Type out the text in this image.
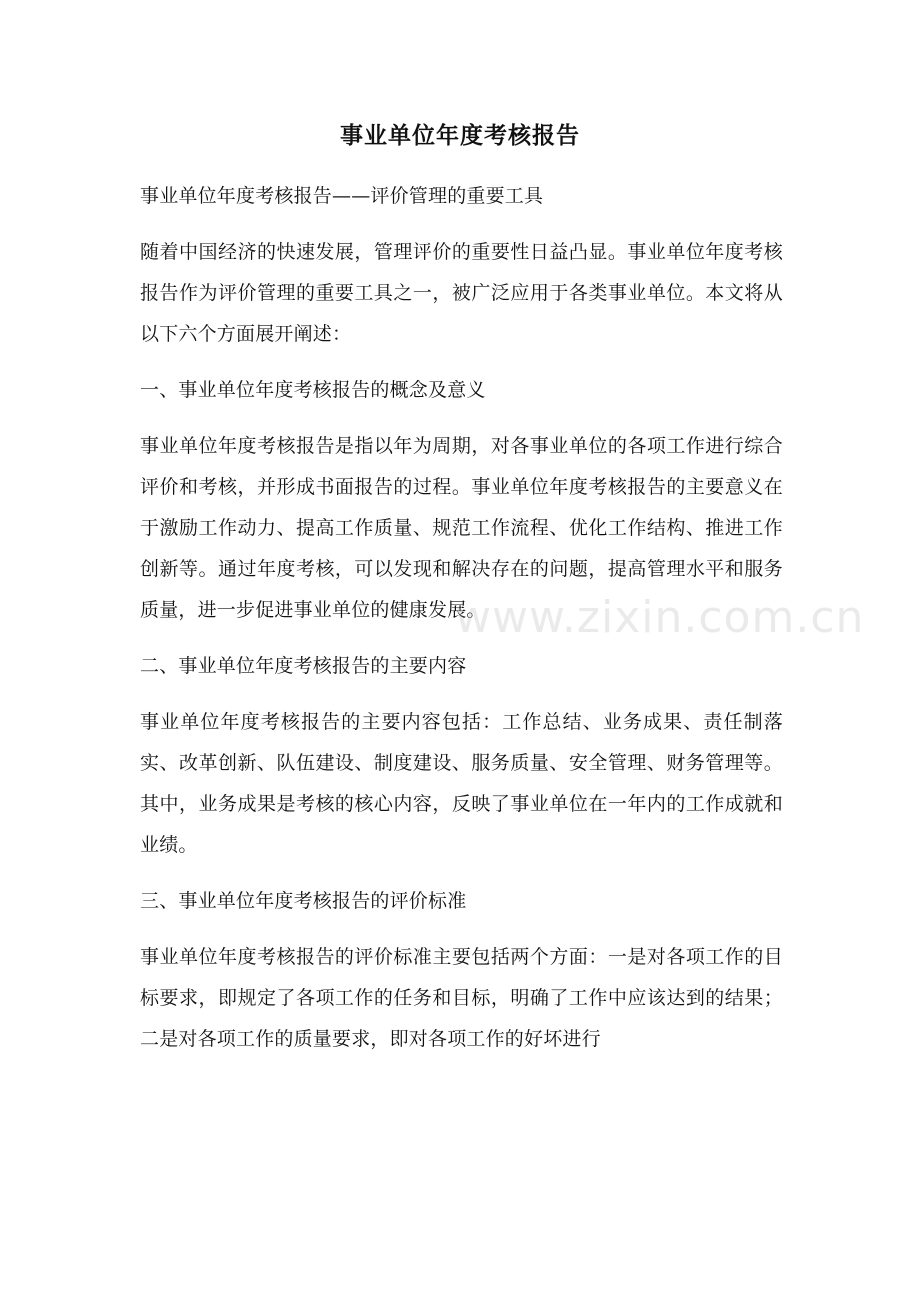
事业单位年度考核报告

事业单位年度考核报告——评价管理的重要工具

随着中国经济的快速发展，管理评价的重要性日益凸显。事业单位年度考核报告作为评价管理的重要工具之一，被广泛应用于各类事业单位。本文将从以下六个方面展开阐述：

一、事业单位年度考核报告的概念及意义

事业单位年度考核报告是指以年为周期，对各事业单位的各项工作进行综合评价和考核，并形成书面报告的过程。事业单位年度考核报告的主要意义在于激励工作动力、提高工作质量、规范工作流程、优化工作结构、推进工作创新等。通过年度考核，可以发现和解决存在的问题，提高管理水平和服务质量，进一步促进事业单位的健康发展。

二、事业单位年度考核报告的主要内容

事业单位年度考核报告的主要内容包括：工作总结、业务成果、责任制落实、改革创新、队伍建设、制度建设、服务质量、安全管理、财务管理等。其中，业务成果是考核的核心内容，反映了事业单位在一年内的工作成就和业绩。

三、事业单位年度考核报告的评价标准

事业单位年度考核报告的评价标准主要包括两个方面：一是对各项工作的目标要求，即规定了各项工作的任务和目标，明确了工作中应该达到的结果；二是对各项工作的质量要求，即对各项工作的好坏进行

www.zixin.com.cn
